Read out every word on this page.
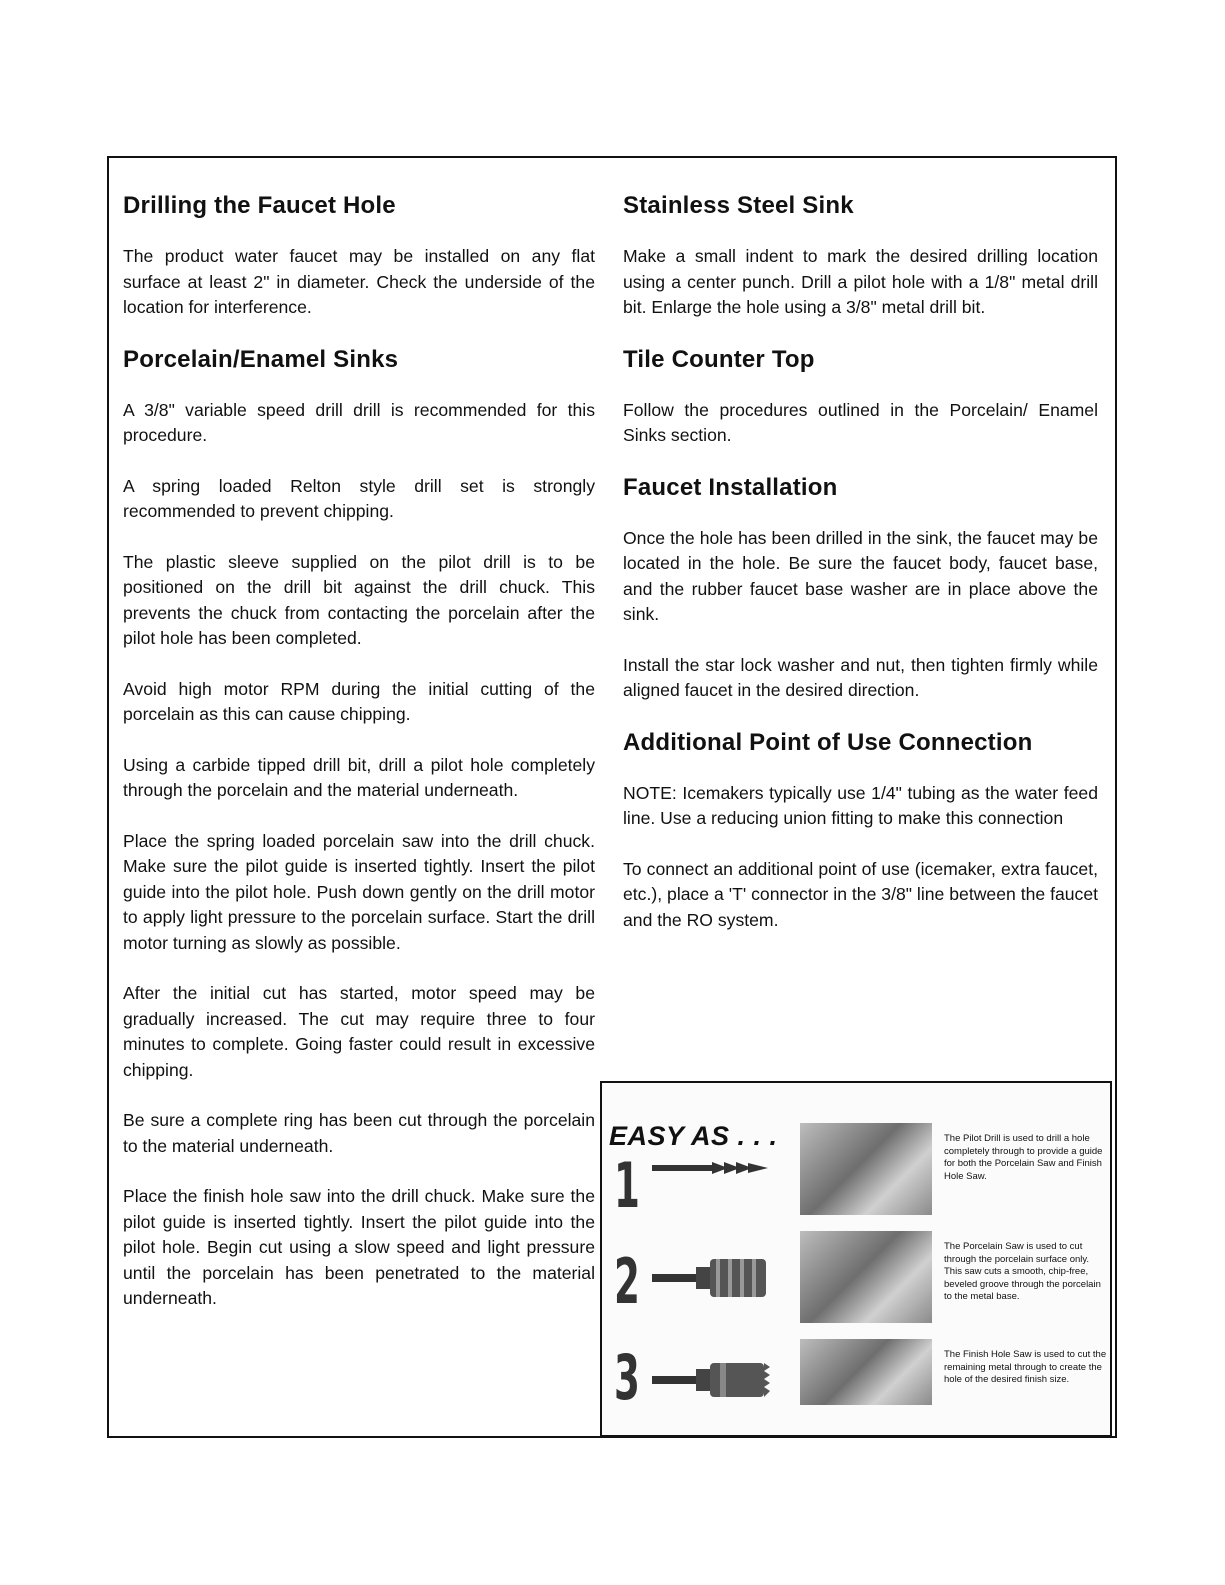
Drilling the Faucet Hole

The product water faucet may be installed on any flat surface at least 2" in diameter. Check the underside of the location for interference.

Porcelain/Enamel Sinks

A 3/8" variable speed drill drill is recommended for this procedure.

A spring loaded Relton style drill set is strongly recommended to prevent chipping.

The plastic sleeve supplied on the pilot drill is to be positioned on the drill bit against the drill chuck. This prevents the chuck from contacting the porcelain after the pilot hole has been completed.

Avoid high motor RPM during the initial cutting of the porcelain as this can cause chipping.

Using a carbide tipped drill bit, drill a pilot hole completely through the porcelain and the material underneath.

Place the spring loaded porcelain saw into the drill chuck. Make sure the pilot guide is inserted tightly. Insert the pilot guide into the pilot hole. Push down gently on the drill motor to apply light pressure to the porcelain surface. Start the drill motor turning as slowly as possible.

After the initial cut has started, motor speed may be gradually increased. The cut may require three to four minutes to complete. Going faster could result in excessive chipping.

Be sure a complete ring has been cut through the porcelain to the material underneath.

Place the finish hole saw into the drill chuck. Make sure the pilot guide is inserted tightly. Insert the pilot guide into the pilot hole. Begin cut using a slow speed and light pressure until the porcelain has been penetrated to the material underneath.

Stainless Steel Sink

Make a small indent to mark the desired drilling location using a center punch. Drill a pilot hole with a 1/8" metal drill bit. Enlarge the hole using a 3/8" metal drill bit.

Tile Counter Top

Follow the procedures outlined in the Porcelain/ Enamel Sinks section.

Faucet Installation

Once the hole has been drilled in the sink, the faucet may be located in the hole. Be sure the faucet body, faucet base, and the rubber faucet base washer are in place above the sink.

Install the star lock washer and nut, then tighten firmly while aligned faucet in the desired direction.

Additional Point of Use Connection

NOTE: Icemakers typically use 1/4" tubing as the water feed line. Use a reducing union fitting to make this connection

To connect an additional point of use (icemaker, extra faucet, etc.), place a 'T' connector in the 3/8" line between the faucet and the RO system.

EASY AS . . .
1
The Pilot Drill is used to drill a hole completely through to provide a guide for both the Porcelain Saw and Finish Hole Saw.
2	The Porcelain Saw is used to cut through the porcelain surface only. This saw cuts a smooth, chip-free, beveled groove through the porcelain to the metal base.
3	The Finish Hole Saw is used to cut the remaining metal through to create the hole of the desired finish size.
